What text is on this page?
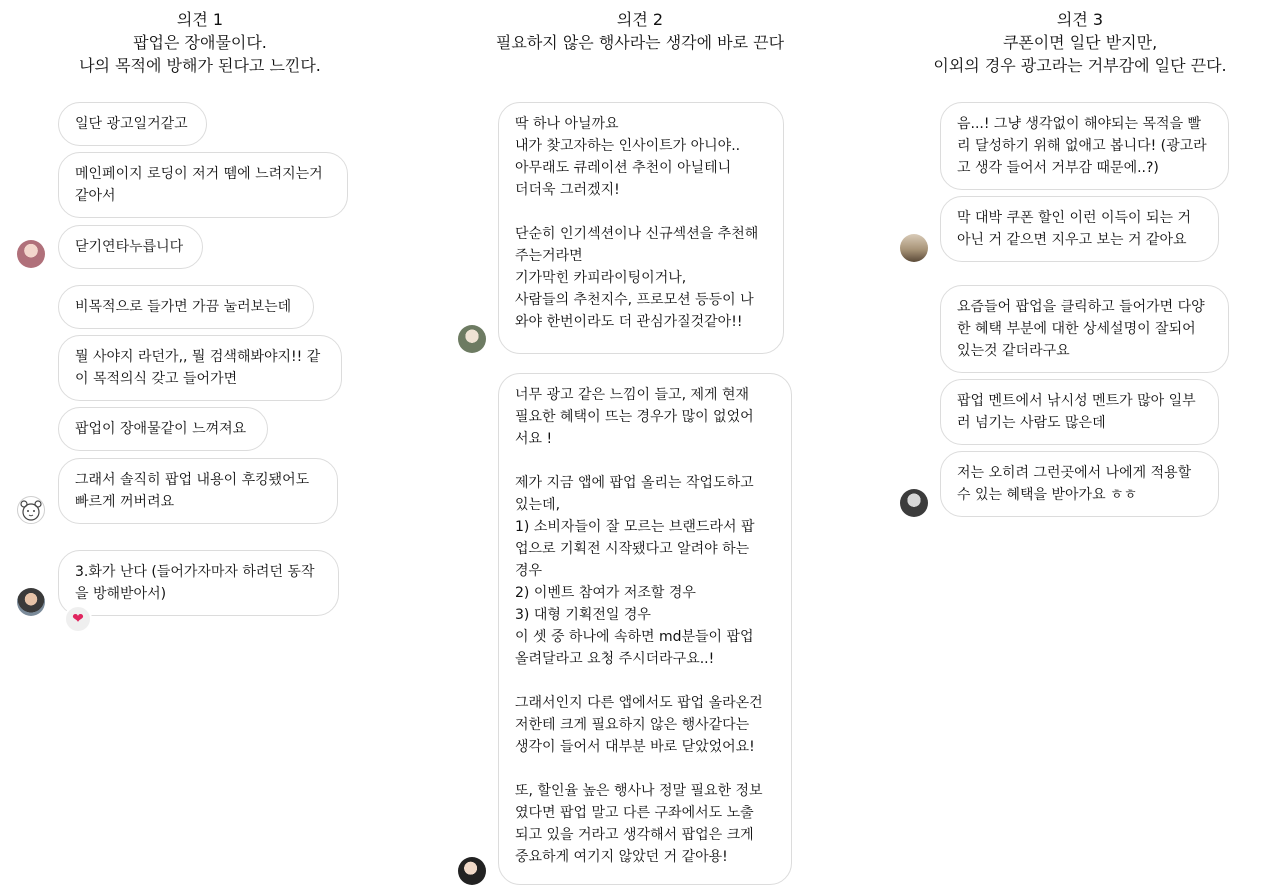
의견 1
팝업은 장애물이다.
나의 목적에 방해가 된다고 느낀다.
의견 2
필요하지 않은 행사라는 생각에 바로 끈다
의견 3
쿠폰이면 일단 받지만,
이외의 경우 광고라는 거부감에 일단 끈다.
일단 광고일거같고
메인페이지 로딩이 저거 뗌에 느려지는거
같아서
닫기연타누릅니다
비목적으로 들가면 가끔 눌러보는데
뭘 사야지 라던가,, 뭘 검색해봐야지!! 같
이 목적의식 갖고 들어가면
팝업이 장애물같이 느껴져요
그래서 솔직히 팝업 내용이 후킹됐어도
빠르게 꺼버려요
3.화가 난다 (들어가자마자 하려던 동작
을 방해받아서)
❤
딱 하나 아닐까요
내가 찾고자하는 인사이트가 아니야..
아무래도 큐레이션 추천이 아닐테니
더더욱 그러겠지!

단순히 인기섹션이나 신규섹션을 추천해
주는거라면
기가막힌 카피라이팅이거나,
사람들의 추천지수, 프로모션 등등이 나
와야 한번이라도 더 관심가질것같아!!
너무 광고 같은 느낌이 들고, 제게 현재
필요한 혜택이 뜨는 경우가 많이 없었어
서요 !

제가 지금 앱에 팝업 올리는 작업도하고
있는데,
1) 소비자들이 잘 모르는 브랜드라서 팝
업으로 기획전 시작됐다고 알려야 하는
경우
2) 이벤트 참여가 저조할 경우
3) 대형 기획전일 경우
이 셋 중 하나에 속하면 md분들이 팝업
올려달라고 요청 주시더라구요..!

그래서인지 다른 앱에서도 팝업 올라온건
저한테 크게 필요하지 않은 행사같다는
생각이 들어서 대부분 바로 닫았었어요!

또, 할인율 높은 행사나 정말 필요한 정보
였다면 팝업 말고 다른 구좌에서도 노출
되고 있을 거라고 생각해서 팝업은 크게
중요하게 여기지 않았던 거 같아용!
음...! 그냥 생각없이 해야되는 목적을 빨
리 달성하기 위해 없애고 봅니다! (광고라
고 생각 들어서 거부감 때문에..?)
막 대박 쿠폰 할인 이런 이득이 되는 거
아닌 거 같으면 지우고 보는 거 같아요
요즘들어 팝업을 클릭하고 들어가면 다양
한 혜택 부분에 대한 상세설명이 잘되어
있는것 같더라구요
팝업 멘트에서 낚시성 멘트가 많아 일부
러 넘기는 사람도 많은데
저는 오히려 그런곳에서 나에게 적용할
수 있는 혜택을 받아가요 ㅎㅎ
